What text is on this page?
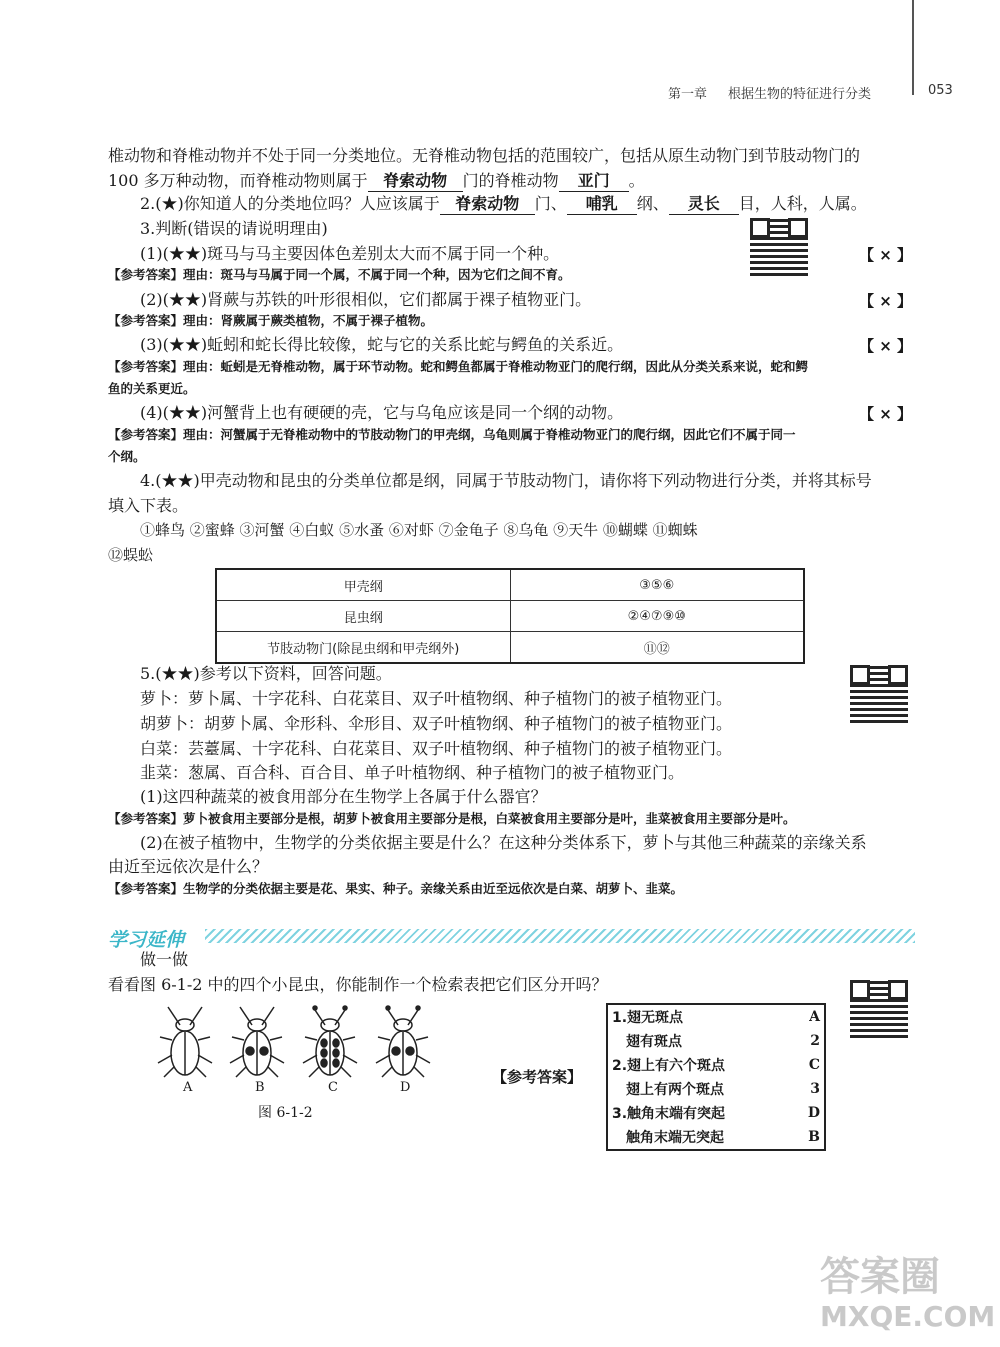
第一章 根据生物的特征进行分类	053
椎动物和脊椎动物并不处于同一分类地位。无脊椎动物包括的范围较广，包括从原生动物门到节肢动物门的
100 多万种动物，而脊椎动物则属于 脊索动物 门的脊椎动物 亚门 。
2.(★)你知道人的分类地位吗？人应该属于 脊索动物 门、 哺乳 纲、 灵长 目，人科，人属。
3.判断(错误的请说明理由)
(1)(★★)斑马与马主要因体色差别太大而不属于同一个种。	【 × 】
【参考答案】理由：斑马与马属于同一个属，不属于同一个种，因为它们之间不育。
(2)(★★)肾蕨与苏铁的叶形很相似，它们都属于裸子植物亚门。	【 × 】
【参考答案】理由：肾蕨属于蕨类植物，不属于裸子植物。
(3)(★★)蚯蚓和蛇长得比较像，蛇与它的关系比蛇与鳄鱼的关系近。	【 × 】
【参考答案】理由：蚯蚓是无脊椎动物，属于环节动物。蛇和鳄鱼都属于脊椎动物亚门的爬行纲，因此从分类关系来说，蛇和鳄
鱼的关系更近。
(4)(★★)河蟹背上也有硬硬的壳，它与乌龟应该是同一个纲的动物。	【 × 】
【参考答案】理由：河蟹属于无脊椎动物中的节肢动物门的甲壳纲，乌龟则属于脊椎动物亚门的爬行纲，因此它们不属于同一
个纲。
4.(★★)甲壳动物和昆虫的分类单位都是纲，同属于节肢动物门，请你将下列动物进行分类，并将其标号
填入下表。
①蜂鸟 ②蜜蜂 ③河蟹 ④白蚁 ⑤水蚤 ⑥对虾 ⑦金龟子 ⑧乌龟 ⑨天牛 ⑩蝴蝶 ⑪蜘蛛
⑫蜈蚣
甲壳纲	③⑤⑥
昆虫纲	②④⑦⑨⑩
节肢动物门(除昆虫纲和甲壳纲外)	⑪⑫
5.(★★)参考以下资料，回答问题。
萝卜：萝卜属、十字花科、白花菜目、双子叶植物纲、种子植物门的被子植物亚门。
胡萝卜：胡萝卜属、伞形科、伞形目、双子叶植物纲、种子植物门的被子植物亚门。
白菜：芸薹属、十字花科、白花菜目、双子叶植物纲、种子植物门的被子植物亚门。
韭菜：葱属、百合科、百合目、单子叶植物纲、种子植物门的被子植物亚门。
(1)这四种蔬菜的被食用部分在生物学上各属于什么器官？
【参考答案】萝卜被食用主要部分是根，胡萝卜被食用主要部分是根，白菜被食用主要部分是叶，韭菜被食用主要部分是叶。
(2)在被子植物中，生物学的分类依据主要是什么？在这种分类体系下，萝卜与其他三种蔬菜的亲缘关系
由近至远依次是什么？
【参考答案】生物学的分类依据主要是花、果实、种子。亲缘关系由近至远依次是白菜、胡萝卜、韭菜。
学习延伸
做一做
看看图 6-1-2 中的四个小昆虫，你能制作一个检索表把它们区分开吗？
A	B	C	D
图 6-1-2
【参考答案】
1.翅无斑点	A
翅有斑点	2
2.翅上有六个斑点	C
翅上有两个斑点	3
3.触角末端有突起	D
触角末端无突起	B
答案圈
MXQE.COM
